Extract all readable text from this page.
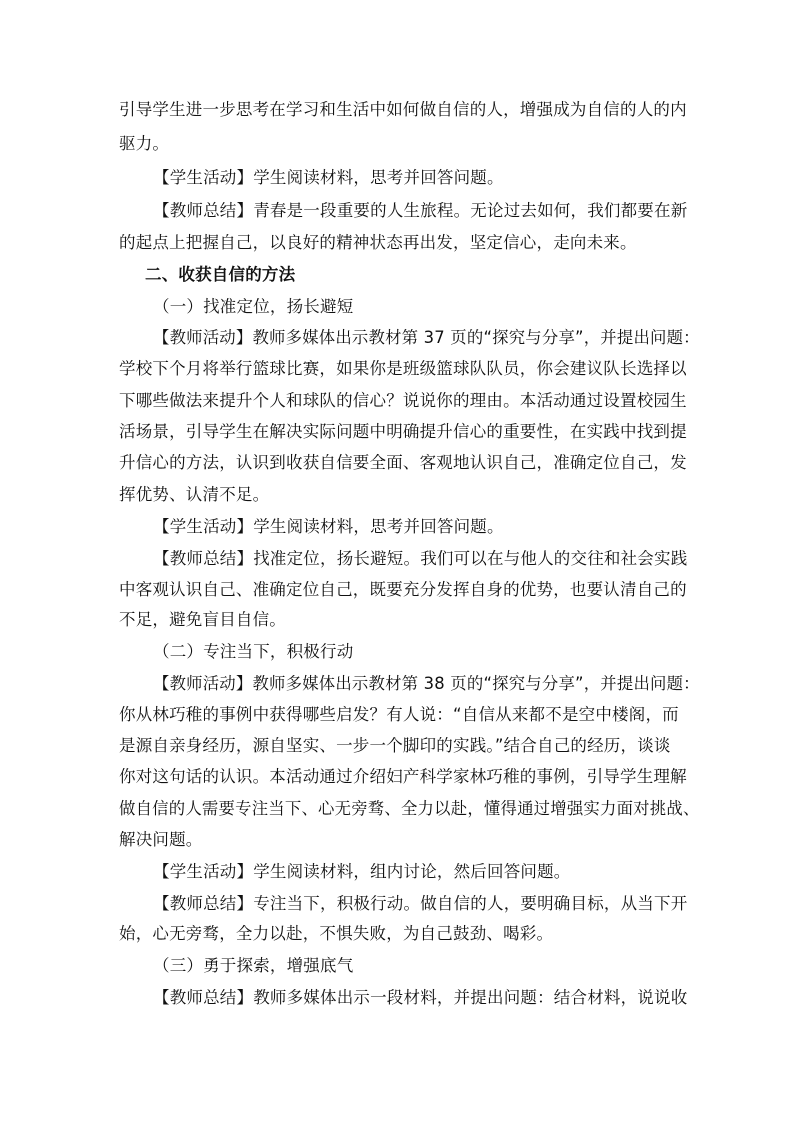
引导学生进一步思考在学习和生活中如何做自信的人，增强成为自信的人的内
驱力。
【学生活动】学生阅读材料，思考并回答问题。
【教师总结】青春是一段重要的人生旅程。无论过去如何，我们都要在新
的起点上把握自己，以良好的精神状态再出发，坚定信心，走向未来。
二、收获自信的方法
（一）找准定位，扬长避短
【教师活动】教师多媒体出示教材第 37 页的“探究与分享”，并提出问题：
学校下个月将举行篮球比赛，如果你是班级篮球队队员，你会建议队长选择以
下哪些做法来提升个人和球队的信心？说说你的理由。本活动通过设置校园生
活场景，引导学生在解决实际问题中明确提升信心的重要性，在实践中找到提
升信心的方法，认识到收获自信要全面、客观地认识自己，准确定位自己，发
挥优势、认清不足。
【学生活动】学生阅读材料，思考并回答问题。
【教师总结】找准定位，扬长避短。我们可以在与他人的交往和社会实践
中客观认识自己、准确定位自己，既要充分发挥自身的优势，也要认清自己的
不足，避免盲目自信。
（二）专注当下，积极行动
【教师活动】教师多媒体出示教材第 38 页的“探究与分享”，并提出问题：
你从林巧稚的事例中获得哪些启发？有人说：“自信从来都不是空中楼阁，而
是源自亲身经历，源自坚实、一步一个脚印的实践。”结合自己的经历，谈谈
你对这句话的认识。本活动通过介绍妇产科学家林巧稚的事例，引导学生理解
做自信的人需要专注当下、心无旁骛、全力以赴，懂得通过增强实力面对挑战、
解决问题。
【学生活动】学生阅读材料，组内讨论，然后回答问题。
【教师总结】专注当下，积极行动。做自信的人，要明确目标，从当下开
始，心无旁骛，全力以赴，不惧失败，为自己鼓劲、喝彩。
（三）勇于探索，增强底气
【教师总结】教师多媒体出示一段材料，并提出问题：结合材料，说说收
